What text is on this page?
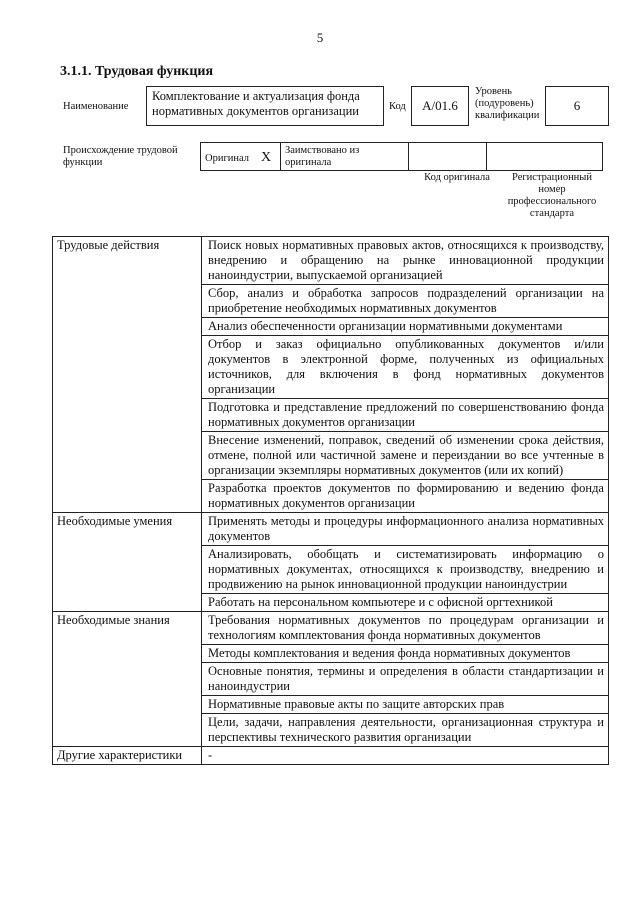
5
3.1.1. Трудовая функция
Наименование
Комплектование и актуализация фонда нормативных документов организации	Код	А/01.6
Уровень (подуровень) квалификации
6
Происхождение трудовой функции	Оригинал X	Заимствовано из оригинала		
Код оригинала	Регистрационный номер профессионального стандарта
Трудовые действия	Поиск новых нормативных правовых актов, относящихся к производству, внедрению и обращению на рынке инновационной продукции наноиндустрии, выпускаемой организацией
	Сбор, анализ и обработка запросов подразделений организации на приобретение необходимых нормативных документов
	Анализ обеспеченности организации нормативными документами
	Отбор и заказ официально опубликованных документов и/или документов в электронной форме, полученных из официальных источников, для включения в фонд нормативных документов организации
	Подготовка и представление предложений по совершенствованию фонда нормативных документов организации
	Внесение изменений, поправок, сведений об изменении срока действия, отмене, полной или частичной замене и переиздании во все учтенные в организации экземпляры нормативных документов (или их копий)
	Разработка проектов документов по формированию и ведению фонда нормативных документов организации
Необходимые умения	Применять методы и процедуры информационного анализа нормативных документов
	Анализировать, обобщать и систематизировать информацию о нормативных документах, относящихся к производству, внедрению и продвижению на рынок инновационной продукции наноиндустрии
	Работать на персональном компьютере и с офисной оргтехникой
Необходимые знания	Требования нормативных документов по процедурам организации и технологиям комплектования фонда нормативных документов
	Методы комплектования и ведения фонда нормативных документов
	Основные понятия, термины и определения в области стандартизации и наноиндустрии
	Нормативные правовые акты по защите авторских прав
	Цели, задачи, направления деятельности, организационная структура и перспективы технического развития организации
Другие характеристики	-
